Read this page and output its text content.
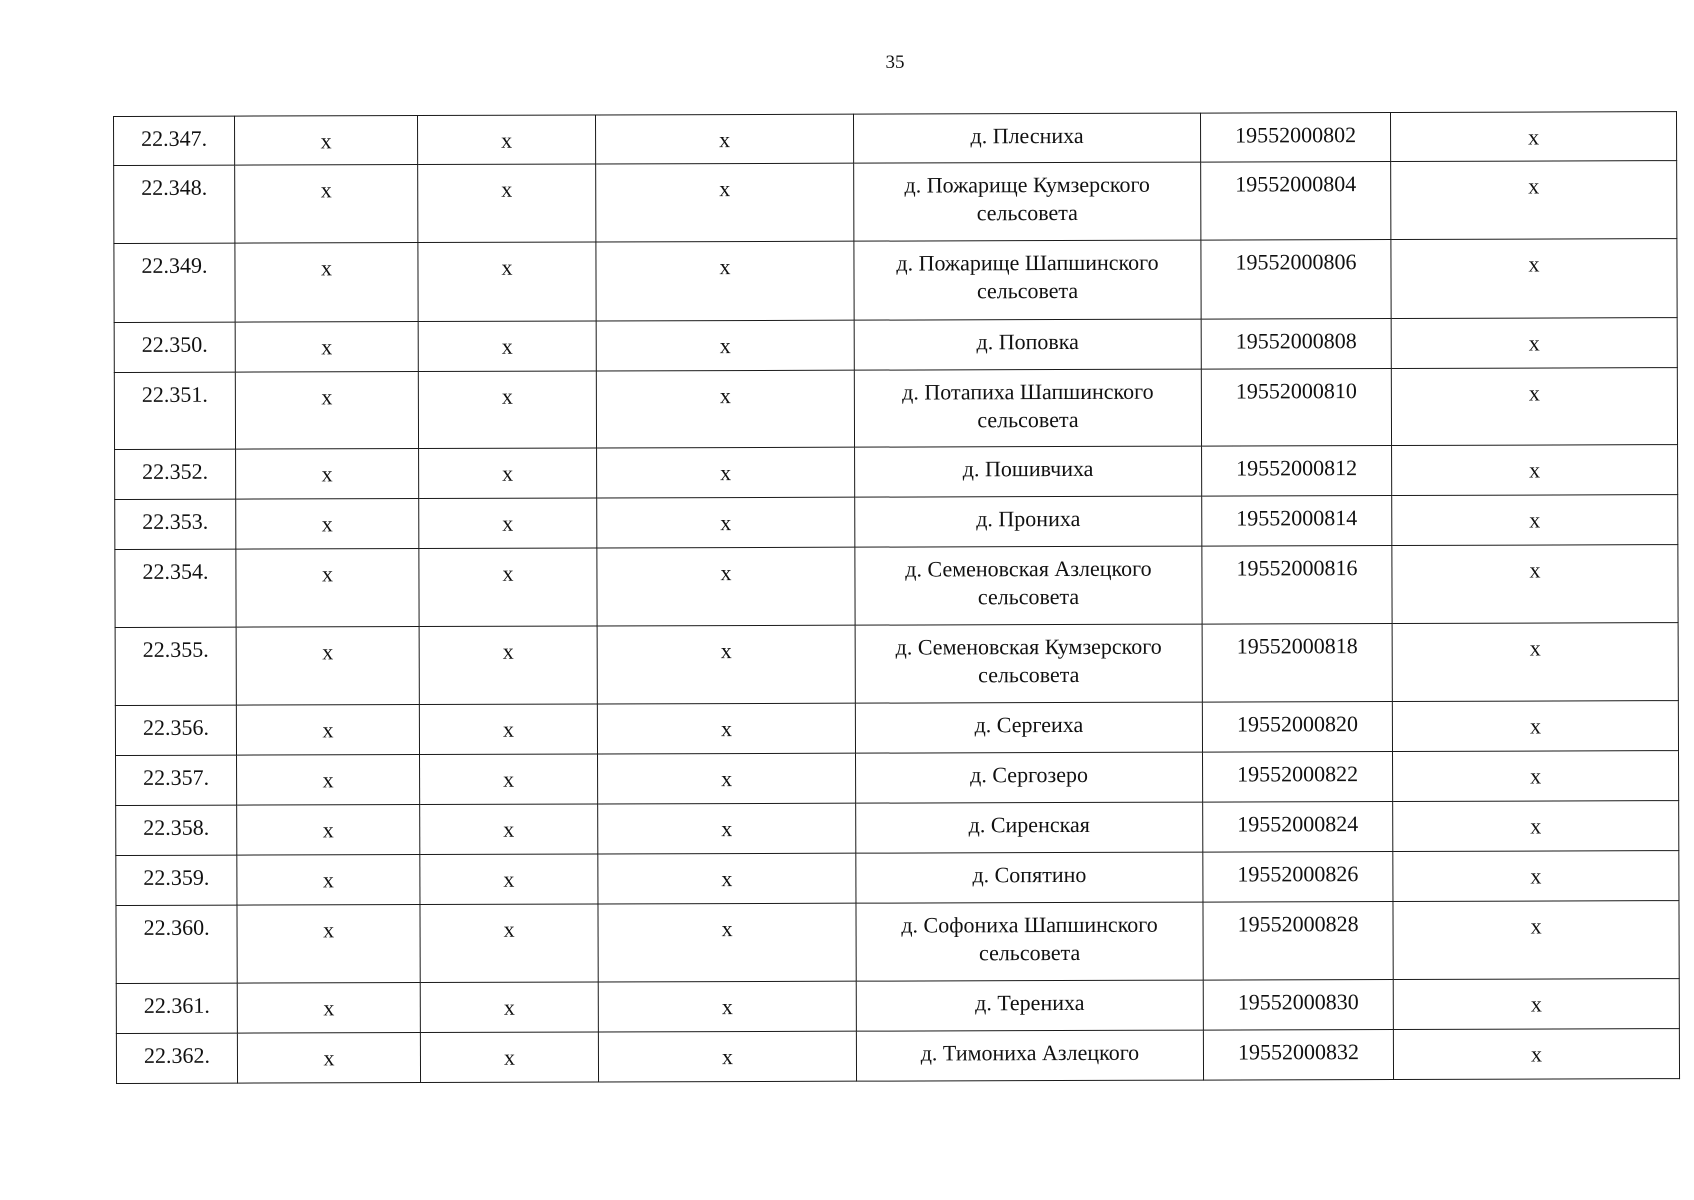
35
22.347.	x	x	x	д. Плесниха	19552000802	x
22.348.	x	x	x	д. Пожарище Кумзерского сельсовета	19552000804	x
22.349.	x	x	x	д. Пожарище Шапшинского сельсовета	19552000806	x
22.350.	x	x	x	д. Поповка	19552000808	x
22.351.	x	x	x	д. Потапиха Шапшинского сельсовета	19552000810	x
22.352.	x	x	x	д. Пошивчиха	19552000812	x
22.353.	x	x	x	д. Прониха	19552000814	x
22.354.	x	x	x	д. Семеновская Азлецкого сельсовета	19552000816	x
22.355.	x	x	x	д. Семеновская Кумзерского сельсовета	19552000818	x
22.356.	x	x	x	д. Сергеиха	19552000820	x
22.357.	x	x	x	д. Сергозеро	19552000822	x
22.358.	x	x	x	д. Сиренская	19552000824	x
22.359.	x	x	x	д. Сопятино	19552000826	x
22.360.	x	x	x	д. Софониха Шапшинского сельсовета	19552000828	x
22.361.	x	x	x	д. Терениха	19552000830	x
22.362.	x	x	x	д. Тимониха Азлецкого	19552000832	x
